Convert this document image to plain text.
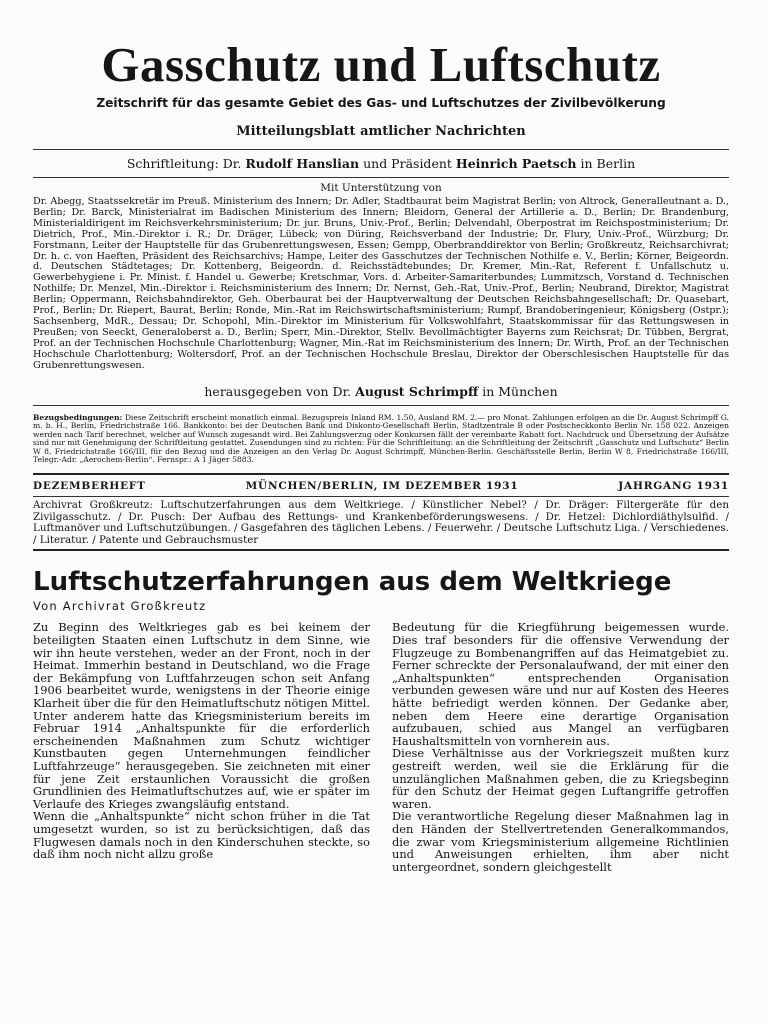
Gasschutz und Luftschutz
Zeitschrift für das gesamte Gebiet des Gas- und Luftschutzes der Zivilbevölkerung
Mitteilungsblatt amtlicher Nachrichten
Schriftleitung: Dr. Rudolf Hanslian und Präsident Heinrich Paetsch in Berlin
Mit Unterstützung von
Dr. Abegg, Staatssekretär im Preuß. Ministerium des Innern; Dr. Adler, Stadtbaurat beim Magistrat Berlin; von Altrock, Generalleutnant a. D., Berlin; Dr. Barck, Ministerialrat im Badischen Ministerium des Innern; Bleidorn, General der Artillerie a. D., Berlin; Dr. Brandenburg, Ministerialdirigent im Reichsverkehrsministerium; Dr. jur. Bruns, Univ.-Prof., Berlin; Delvendahl, Oberpostrat im Reichspostministerium; Dr. Dietrich, Prof., Min.-Direktor i. R.; Dr. Dräger, Lübeck; von Düring, Reichsverband der Industrie; Dr. Flury, Univ.-Prof., Würzburg; Dr. Forstmann, Leiter der Hauptstelle für das Grubenrettungswesen, Essen; Gempp, Oberbranddirektor von Berlin; Großkreutz, Reichsarchivrat; Dr. h. c. von Haeften, Präsident des Reichsarchivs; Hampe, Leiter des Gasschutzes der Technischen Nothilfe e. V., Berlin; Körner, Beigeordn. d. Deutschen Städtetages; Dr. Kottenberg, Beigeordn. d. Reichsstädtebundes; Dr. Kremer, Min.-Rat, Referent f. Unfallschutz u. Gewerbehygiene i. Pr. Minist. f. Handel u. Gewerbe; Kretschmar, Vors. d. Arbeiter-Samariterbundes; Lummitzsch, Vorstand d. Technischen Nothilfe; Dr. Menzel, Min.-Direktor i. Reichsministerium des Innern; Dr. Nernst, Geh.-Rat, Univ.-Prof., Berlin; Neubrand, Direktor, Magistrat Berlin; Oppermann, Reichsbahndirektor, Geh. Oberbaurat bei der Hauptverwaltung der Deutschen Reichsbahngesellschaft; Dr. Quasebart, Prof., Berlin; Dr. Riepert, Baurat, Berlin; Ronde, Min.-Rat im Reichswirtschaftsministerium; Rumpf, Brandoberingenieur, Königsberg (Ostpr.); Sachsenberg, MdR., Dessau; Dr. Schopohl, Min.-Direktor im Ministerium für Volkswohlfahrt, Staatskommissar für das Rettungswesen in Preußen; von Seeckt, Generaloberst a. D., Berlin; Sperr, Min.-Direktor, Stellv. Bevollmächtigter Bayerns zum Reichsrat; Dr. Tübben, Bergrat, Prof. an der Technischen Hochschule Charlottenburg; Wagner, Min.-Rat im Reichsministerium des Innern; Dr. Wirth, Prof. an der Technischen Hochschule Charlottenburg; Woltersdorf, Prof. an der Technischen Hochschule Breslau, Direktor der Oberschlesischen Hauptstelle für das Grubenrettungswesen.
herausgegeben von Dr. August Schrimpff in München
Bezugsbedingungen: Diese Zeitschrift erscheint monatlich einmal. Bezugspreis Inland RM. 1.50, Ausland RM. 2.— pro Monat. Zahlungen erfolgen an die Dr. August Schrimpff G. m. b. H., Berlin, Friedrichstraße 166. Bankkonto: bei der Deutschen Bank und Diskonto-Gesellschaft Berlin, Stadtzentrale B oder Postscheckkonto Berlin Nr. 158 022. Anzeigen werden nach Tarif berechnet, welcher auf Wunsch zugesandt wird. Bei Zahlungsverzug oder Konkursen fällt der vereinbarte Rabatt fort. Nachdruck und Übersetzung der Aufsätze sind nur mit Genehmigung der Schriftleitung gestattet. Zusendungen sind zu richten: Für die Schriftleitung: an die Schriftleitung der Zeitschrift „Gasschutz und Luftschutz“ Berlin W 8, Friedrichstraße 166/III, für den Bezug und die Anzeigen an den Verlag Dr. August Schrimpff, München-Berlin. Geschäftsstelle Berlin, Berlin W 8, Friedrichstraße 166/III, Telegr.-Adr. „Aerochem-Berlin“. Fernspr.: A 1 Jäger 5883.
DEZEMBERHEFT	MÜNCHEN/BERLIN, IM DEZEMBER 1931	JAHRGANG 1931
Archivrat Großkreutz: Luftschutzerfahrungen aus dem Weltkriege. / Künstlicher Nebel? / Dr. Dräger: Filtergeräte für den Zivilgasschutz. / Dr. Pusch: Der Aufbau des Rettungs- und Krankenbeförderungswesens. / Dr. Hetzel: Dichlordiäthylsulfid. / Luftmanöver und Luftschutzübungen. / Gasgefahren des täglichen Lebens. / Feuerwehr. / Deutsche Luftschutz Liga. / Verschiedenes. / Literatur. / Patente und Gebrauchsmuster
Luftschutzerfahrungen aus dem Weltkriege
Von Archivrat Großkreutz

Zu Beginn des Weltkrieges gab es bei keinem der beteiligten Staaten einen Luftschutz in dem Sinne, wie wir ihn heute verstehen, weder an der Front, noch in der Heimat. Immerhin bestand in Deutschland, wo die Frage der Bekämpfung von Luftfahrzeugen schon seit Anfang 1906 bearbeitet wurde, wenigstens in der Theorie einige Klarheit über die für den Heimatluftschutz nötigen Mittel. Unter anderem hatte das Kriegsministerium bereits im Februar 1914 „Anhaltspunkte für die erforderlich erscheinenden Maßnahmen zum Schutz wichtiger Kunstbauten gegen Unternehmungen feindlicher Luftfahrzeuge“ herausgegeben. Sie zeichneten mit einer für jene Zeit erstaunlichen Voraussicht die großen Grundlinien des Heimatluftschutzes auf, wie er später im Verlaufe des Krieges zwangsläufig entstand.

Wenn die „Anhaltspunkte“ nicht schon früher in die Tat umgesetzt wurden, so ist zu berücksichtigen, daß das Flugwesen damals noch in den Kinderschuhen steckte, so daß ihm noch nicht allzu große

Bedeutung für die Kriegführung beigemessen wurde. Dies traf besonders für die offensive Verwendung der Flugzeuge zu Bombenangriffen auf das Heimatgebiet zu. Ferner schreckte der Personalaufwand, der mit einer den „Anhaltspunkten“ entsprechenden Organisation verbunden gewesen wäre und nur auf Kosten des Heeres hätte befriedigt werden können. Der Gedanke aber, neben dem Heere eine derartige Organisation aufzubauen, schied aus Mangel an verfügbaren Haushaltsmitteln von vornherein aus.

Diese Verhältnisse aus der Vorkriegszeit mußten kurz gestreift werden, weil sie die Erklärung für die unzulänglichen Maßnahmen geben, die zu Kriegsbeginn für den Schutz der Heimat gegen Luftangriffe getroffen waren.

Die verantwortliche Regelung dieser Maßnahmen lag in den Händen der Stellvertretenden Generalkommandos, die zwar vom Kriegsministerium allgemeine Richtlinien und Anweisungen erhielten, ihm aber nicht untergeordnet, sondern gleichgestellt
